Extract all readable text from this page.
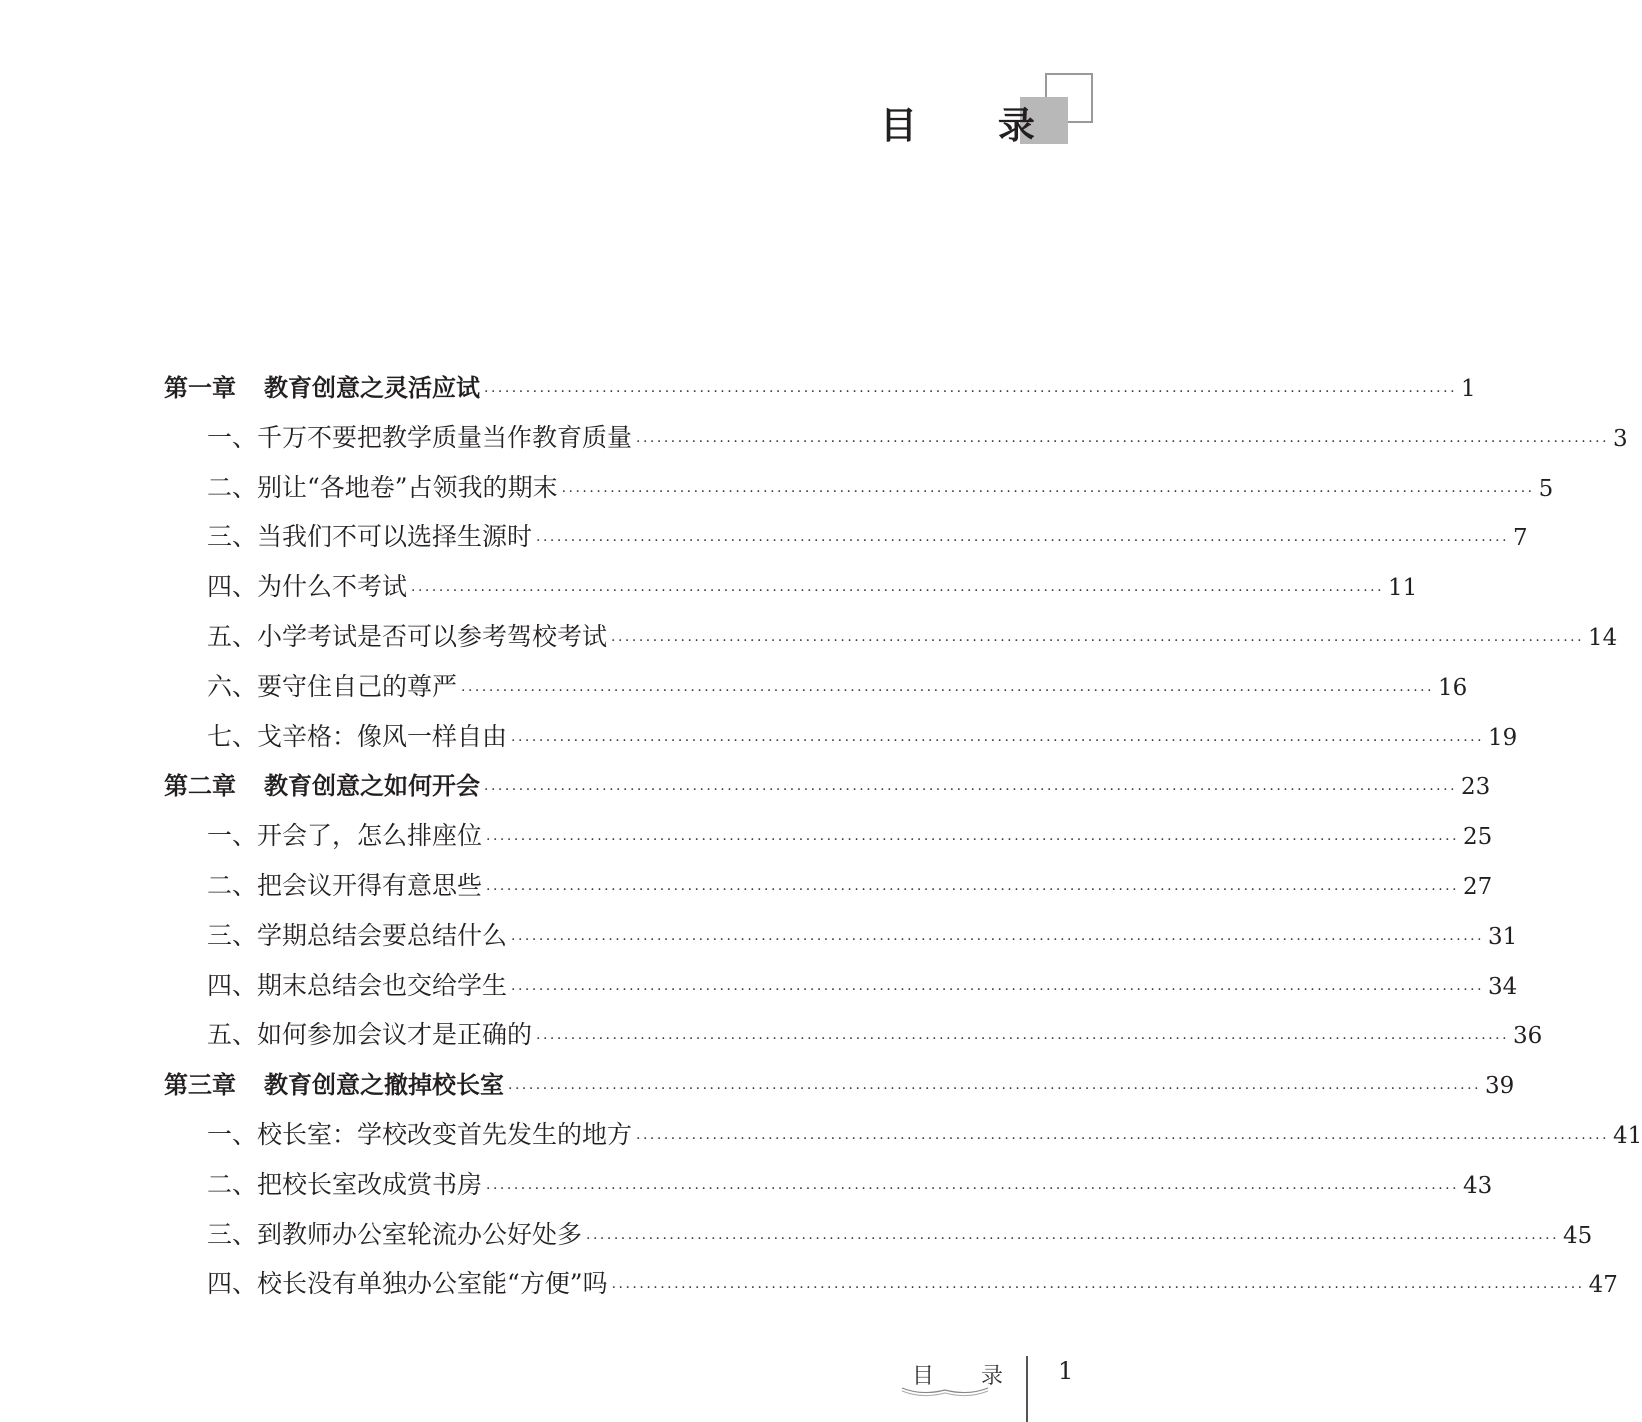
目 录
第一章 教育创意之灵活应试 ············································································································································ 1
一、千万不要把教学质量当作教育质量 ············································································································································ 3
二、别让“各地卷”占领我的期末 ············································································································································ 5
三、当我们不可以选择生源时 ············································································································································ 7
四、为什么不考试 ············································································································································ 11
五、小学考试是否可以参考驾校考试 ············································································································································ 14
六、要守住自己的尊严 ············································································································································ 16
七、戈辛格：像风一样自由 ············································································································································ 19
第二章 教育创意之如何开会 ············································································································································ 23
一、开会了，怎么排座位 ············································································································································ 25
二、把会议开得有意思些 ············································································································································ 27
三、学期总结会要总结什么 ············································································································································ 31
四、期末总结会也交给学生 ············································································································································ 34
五、如何参加会议才是正确的 ············································································································································ 36
第三章 教育创意之撤掉校长室 ············································································································································ 39
一、校长室：学校改变首先发生的地方 ············································································································································ 41
二、把校长室改成赏书房 ············································································································································ 43
三、到教师办公室轮流办公好处多 ············································································································································ 45
四、校长没有单独办公室能“方便”吗 ············································································································································ 47
目 录 1
